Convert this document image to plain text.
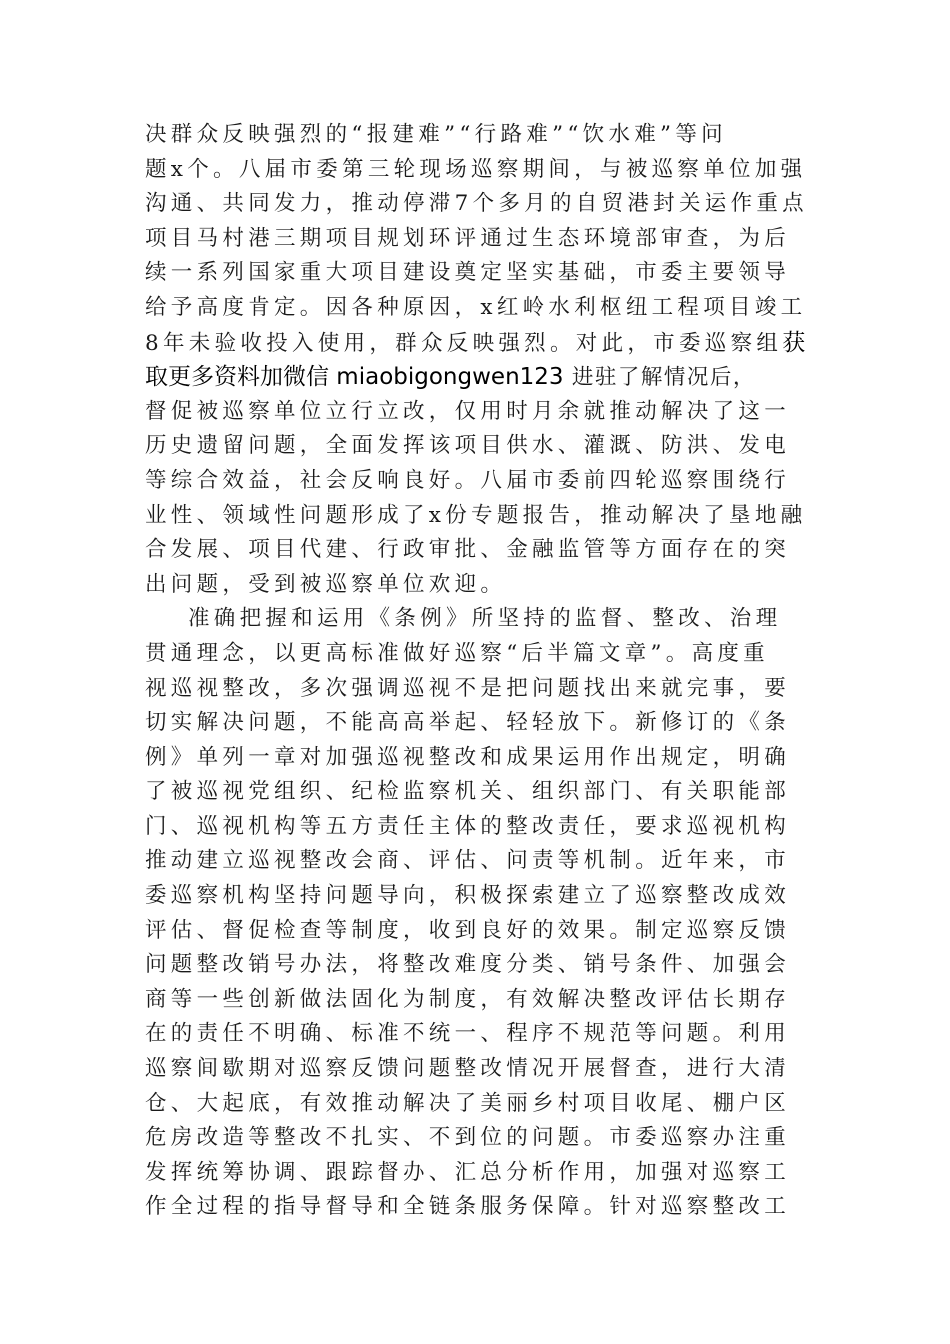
决群众反映强烈的“报建难”“行路难”“饮水难”等问
题x个。八届市委第三轮现场巡察期间，与被巡察单位加强
沟通、共同发力，推动停滞7个多月的自贸港封关运作重点
项目马村港三期项目规划环评通过生态环境部审查，为后
续一系列国家重大项目建设奠定坚实基础，市委主要领导
给予高度肯定。因各种原因，x红岭水利枢纽工程项目竣工
8年未验收投入使用，群众反映强烈。对此，市委巡察组获
取更多资料加微信 miaobigongwen123 进驻了解情况后，
督促被巡察单位立行立改，仅用时月余就推动解决了这一
历史遗留问题，全面发挥该项目供水、灌溉、防洪、发电
等综合效益，社会反响良好。八届市委前四轮巡察围绕行
业性、领域性问题形成了x份专题报告，推动解决了垦地融
合发展、项目代建、行政审批、金融监管等方面存在的突
出问题，受到被巡察单位欢迎。

准确把握和运用《条例》所坚持的监督、整改、治理
贯通理念，以更高标准做好巡察“后半篇文章”。高度重
视巡视整改，多次强调巡视不是把问题找出来就完事，要
切实解决问题，不能高高举起、轻轻放下。新修订的《条
例》单列一章对加强巡视整改和成果运用作出规定，明确
了被巡视党组织、纪检监察机关、组织部门、有关职能部
门、巡视机构等五方责任主体的整改责任，要求巡视机构
推动建立巡视整改会商、评估、问责等机制。近年来，市
委巡察机构坚持问题导向，积极探索建立了巡察整改成效
评估、督促检查等制度，收到良好的效果。制定巡察反馈
问题整改销号办法，将整改难度分类、销号条件、加强会
商等一些创新做法固化为制度，有效解决整改评估长期存
在的责任不明确、标准不统一、程序不规范等问题。利用
巡察间歇期对巡察反馈问题整改情况开展督查，进行大清
仓、大起底，有效推动解决了美丽乡村项目收尾、棚户区
危房改造等整改不扎实、不到位的问题。市委巡察办注重
发挥统筹协调、跟踪督办、汇总分析作用，加强对巡察工
作全过程的指导督导和全链条服务保障。针对巡察整改工
